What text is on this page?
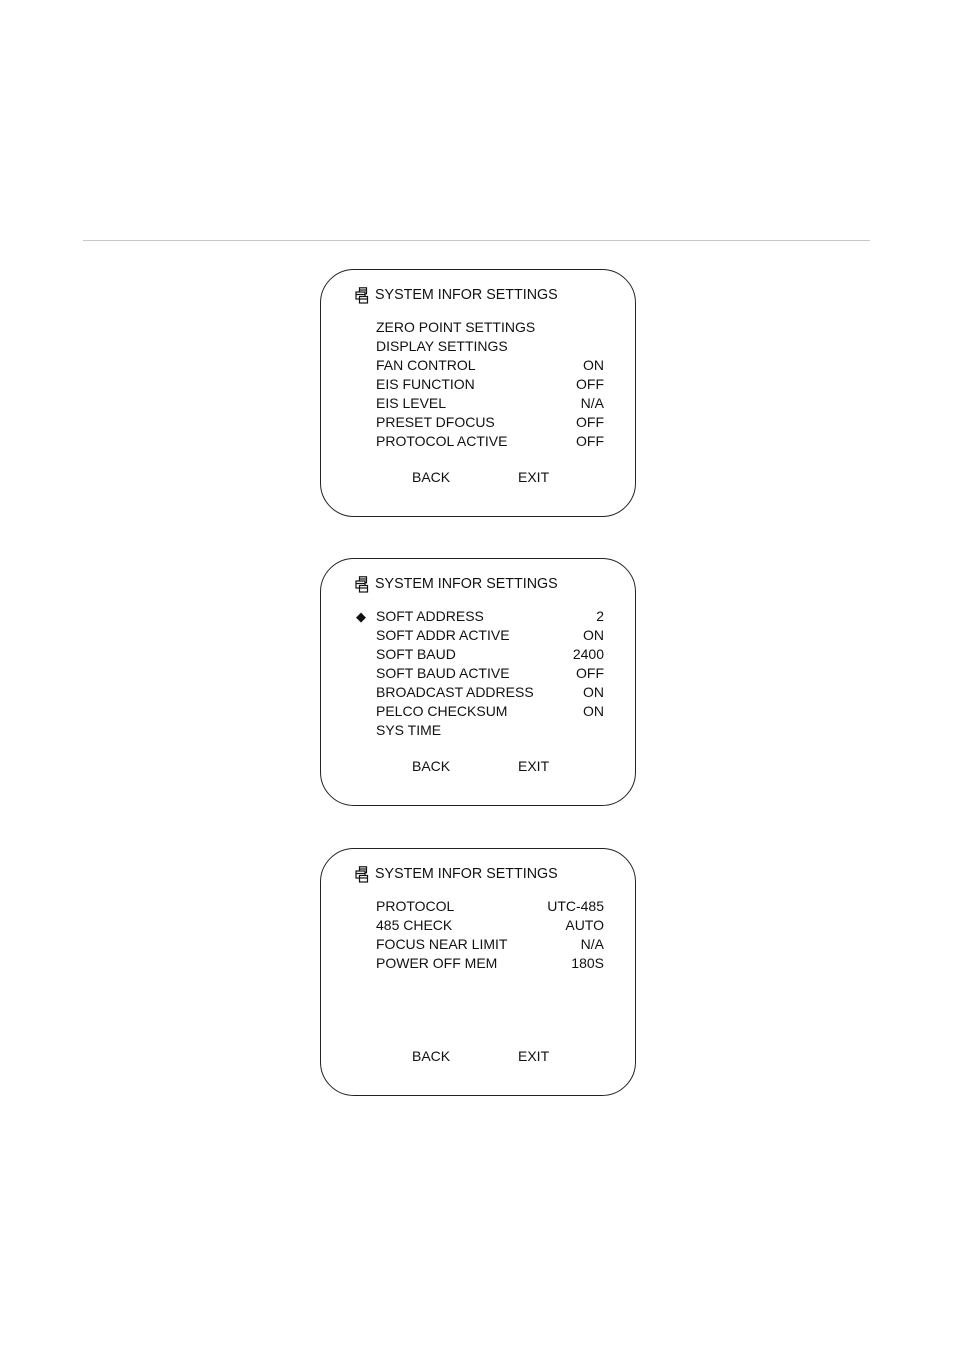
SYSTEM INFOR SETTINGS
ZERO POINT SETTINGS
DISPLAY SETTINGS
FAN CONTROL	ON
EIS FUNCTION	OFF
EIS LEVEL	N/A
PRESET DFOCUS	OFF
PROTOCOL ACTIVE	OFF
BACK	EXIT
SYSTEM INFOR SETTINGS
◆ SOFT ADDRESS	2
SOFT ADDR ACTIVE	ON
SOFT BAUD	2400
SOFT BAUD ACTIVE	OFF
BROADCAST ADDRESS	ON
PELCO CHECKSUM	ON
SYS TIME
BACK	EXIT
SYSTEM INFOR SETTINGS
PROTOCOL	UTC-485
485 CHECK	AUTO
FOCUS NEAR LIMIT	N/A
POWER OFF MEM	180S
BACK	EXIT
